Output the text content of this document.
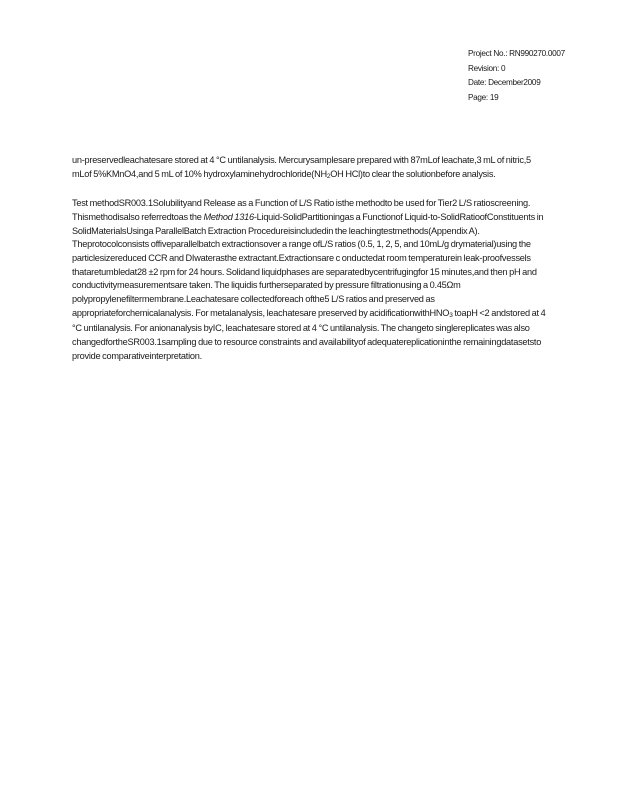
Project No.: RN990270.0007
Revision: 0
Date: December2009
Page: 19

un-preservedleachatesare stored at 4 °C untilanalysis. Mercurysamplesare prepared with 87mLof leachate,3 mL of nitric,5 mLof 5%KMnO4,and 5 mL of 10% hydroxylaminehydrochloride(NH2OH HCl)to clear the solutionbefore analysis.

Test methodSR003.1Solubilityand Release as a Function of L/S Ratio isthe methodto be used for Tier2 L/S ratioscreening. Thismethodisalso referredtoas the Method 1316-Liquid-SolidPartitioningas a Functionof Liquid-to-SolidRatioofConstituents in SolidMaterialsUsinga ParallelBatch Extraction Procedureisincludedin the leachingtestmethods(Appendix A). Theprotocolconsists offiveparallelbatch extractionsover a range ofL/S ratios (0.5, 1, 2, 5, and 10mL/g drymaterial)using the particlesizereduced CCR and DIwaterasthe extractant.Extractionsare c onductedat room temperaturein leak-proofvessels thataretumbledat28 ±2 rpm for 24 hours. Solidand liquidphases are separatedbycentrifugingfor 15 minutes,and then pH and conductivitymeasurementsare taken. The liquidis furtherseparated by pressure filtrationusing a 0.45Ωm polypropylenefiltermembrane.Leachatesare collectedforeach ofthe5 L/S ratios and preserved as appropriateforchemicalanalysis. For metalanalysis, leachatesare preserved by acidificationwithHNO3 toapH <2 andstored at 4 °C untilanalysis. For anionanalysis byIC, leachatesare stored at 4 °C untilanalysis. The changeto singlereplicates was also changedfortheSR003.1sampling due to resource constraints and availabilityof adequatereplicationinthe remainingdatasetsto provide comparativeinterpretation.
